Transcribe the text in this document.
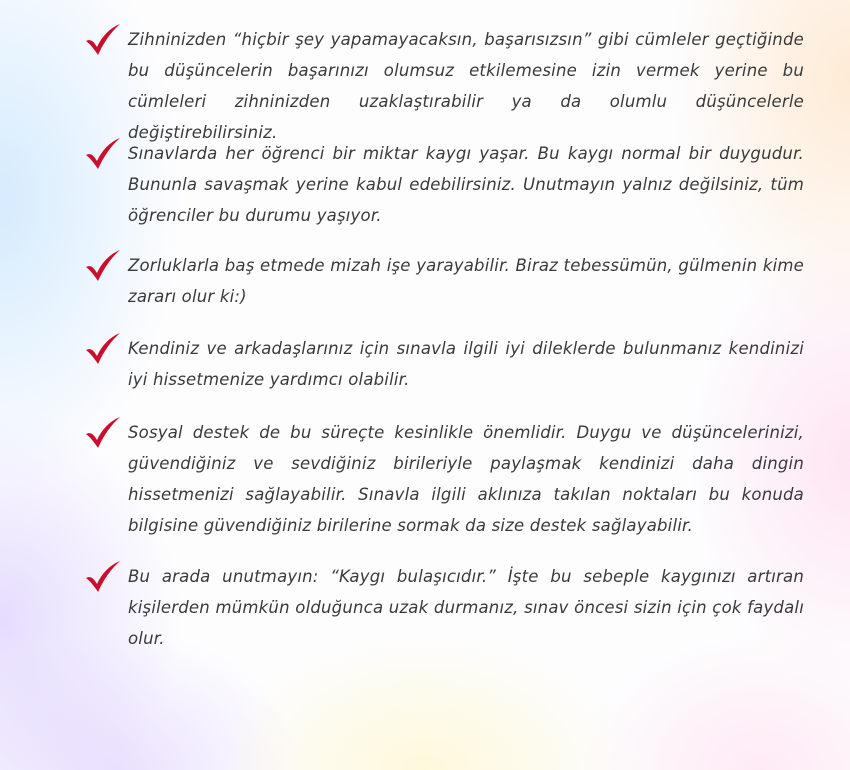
Zihninizden “hiçbir şey yapamayacaksın, başarısızsın” gibi cümleler geçtiğinde bu düşüncelerin başarınızı olumsuz etkilemesine izin vermek yerine bu cümleleri zihninizden uzaklaştırabilir ya da olumlu düşüncelerle değiştirebilirsiniz.

Sınavlarda her öğrenci bir miktar kaygı yaşar. Bu kaygı normal bir duygudur. Bununla savaşmak yerine kabul edebilirsiniz. Unutmayın yalnız değilsiniz, tüm öğrenciler bu durumu yaşıyor.

Zorluklarla baş etmede mizah işe yarayabilir. Biraz tebessümün, gülmenin kime zararı olur ki:)

Kendiniz ve arkadaşlarınız için sınavla ilgili iyi dileklerde bulunmanız kendinizi iyi hissetmenize yardımcı olabilir.

Sosyal destek de bu süreçte kesinlikle önemlidir. Duygu ve düşüncelerinizi, güvendiğiniz ve sevdiğiniz birileriyle paylaşmak kendinizi daha dingin hissetmenizi sağlayabilir. Sınavla ilgili aklınıza takılan noktaları bu konuda bilgisine güvendiğiniz birilerine sormak da size destek sağlayabilir.

Bu arada unutmayın: “Kaygı bulaşıcıdır.” İşte bu sebeple kaygınızı artıran kişilerden mümkün olduğunca uzak durmanız, sınav öncesi sizin için çok faydalı olur.
